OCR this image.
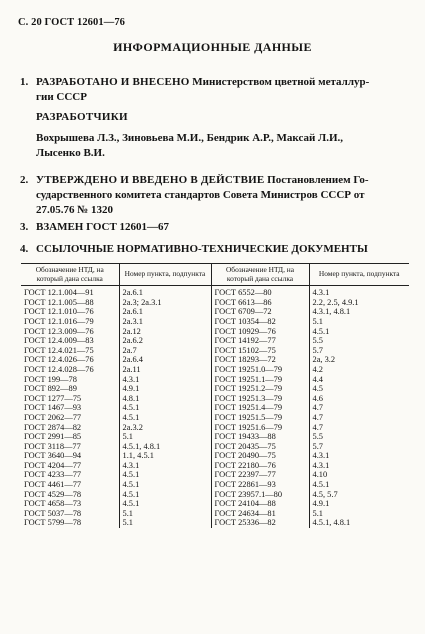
С. 20 ГОСТ 12601—76
ИНФОРМАЦИОННЫЕ ДАННЫЕ
1. РАЗРАБОТАНО И ВНЕСЕНО Министерством цветной металлур-
гии СССР
РАЗРАБОТЧИКИ
Вохрышева Л.З., Зиновьева М.И., Бендрик А.Р., Максай Л.И.,
Лысенко В.И.
2. УТВЕРЖДЕНО И ВВЕДЕНО В ДЕЙСТВИЕ Постановлением Го-
сударственного комитета стандартов Совета Министров СССР от
27.05.76 № 1320
3. ВЗАМЕН ГОСТ 12601—67
4. ССЫЛОЧНЫЕ НОРМАТИВНО-ТЕХНИЧЕСКИЕ ДОКУМЕНТЫ
Обозначение НТД, на который дана ссылка	Номер пункта, подпункта	Обозначение НТД, на который дана ссылка	Номер пункта, подпункта
ГОСТ 12.1.004—91	2а.6.1	ГОСТ 6552—80	4.3.1
ГОСТ 12.1.005—88	2а.3; 2а.3.1	ГОСТ 6613—86	2.2, 2.5, 4.9.1
ГОСТ 12.1.010—76	2а.6.1	ГОСТ 6709—72	4.3.1, 4.8.1
ГОСТ 12.1.016—79	2а.3.1	ГОСТ 10354—82	5.1
ГОСТ 12.3.009—76	2а.12	ГОСТ 10929—76	4.5.1
ГОСТ 12.4.009—83	2а.6.2	ГОСТ 14192—77	5.5
ГОСТ 12.4.021—75	2а.7	ГОСТ 15102—75	5.7
ГОСТ 12.4.026—76	2а.6.4	ГОСТ 18293—72	2а, 3.2
ГОСТ 12.4.028—76	2а.11	ГОСТ 19251.0—79	4.2
ГОСТ 199—78	4.3.1	ГОСТ 19251.1—79	4.4
ГОСТ 892—89	4.9.1	ГОСТ 19251.2—79	4.5
ГОСТ 1277—75	4.8.1	ГОСТ 19251.3—79	4.6
ГОСТ 1467—93	4.5.1	ГОСТ 19251.4—79	4.7
ГОСТ 2062—77	4.5.1	ГОСТ 19251.5—79	4.7
ГОСТ 2874—82	2а.3.2	ГОСТ 19251.6—79	4.7
ГОСТ 2991—85	5.1	ГОСТ 19433—88	5.5
ГОСТ 3118—77	4.5.1, 4.8.1	ГОСТ 20435—75	5.7
ГОСТ 3640—94	1.1, 4.5.1	ГОСТ 20490—75	4.3.1
ГОСТ 4204—77	4.3.1	ГОСТ 22180—76	4.3.1
ГОСТ 4233—77	4.5.1	ГОСТ 22397—77	4.10
ГОСТ 4461—77	4.5.1	ГОСТ 22861—93	4.5.1
ГОСТ 4529—78	4.5.1	ГОСТ 23957.1—80	4.5, 5.7
ГОСТ 4658—73	4.5.1	ГОСТ 24104—88	4.9.1
ГОСТ 5037—78	5.1	ГОСТ 24634—81	5.1
ГОСТ 5799—78	5.1	ГОСТ 25336—82	4.5.1, 4.8.1
